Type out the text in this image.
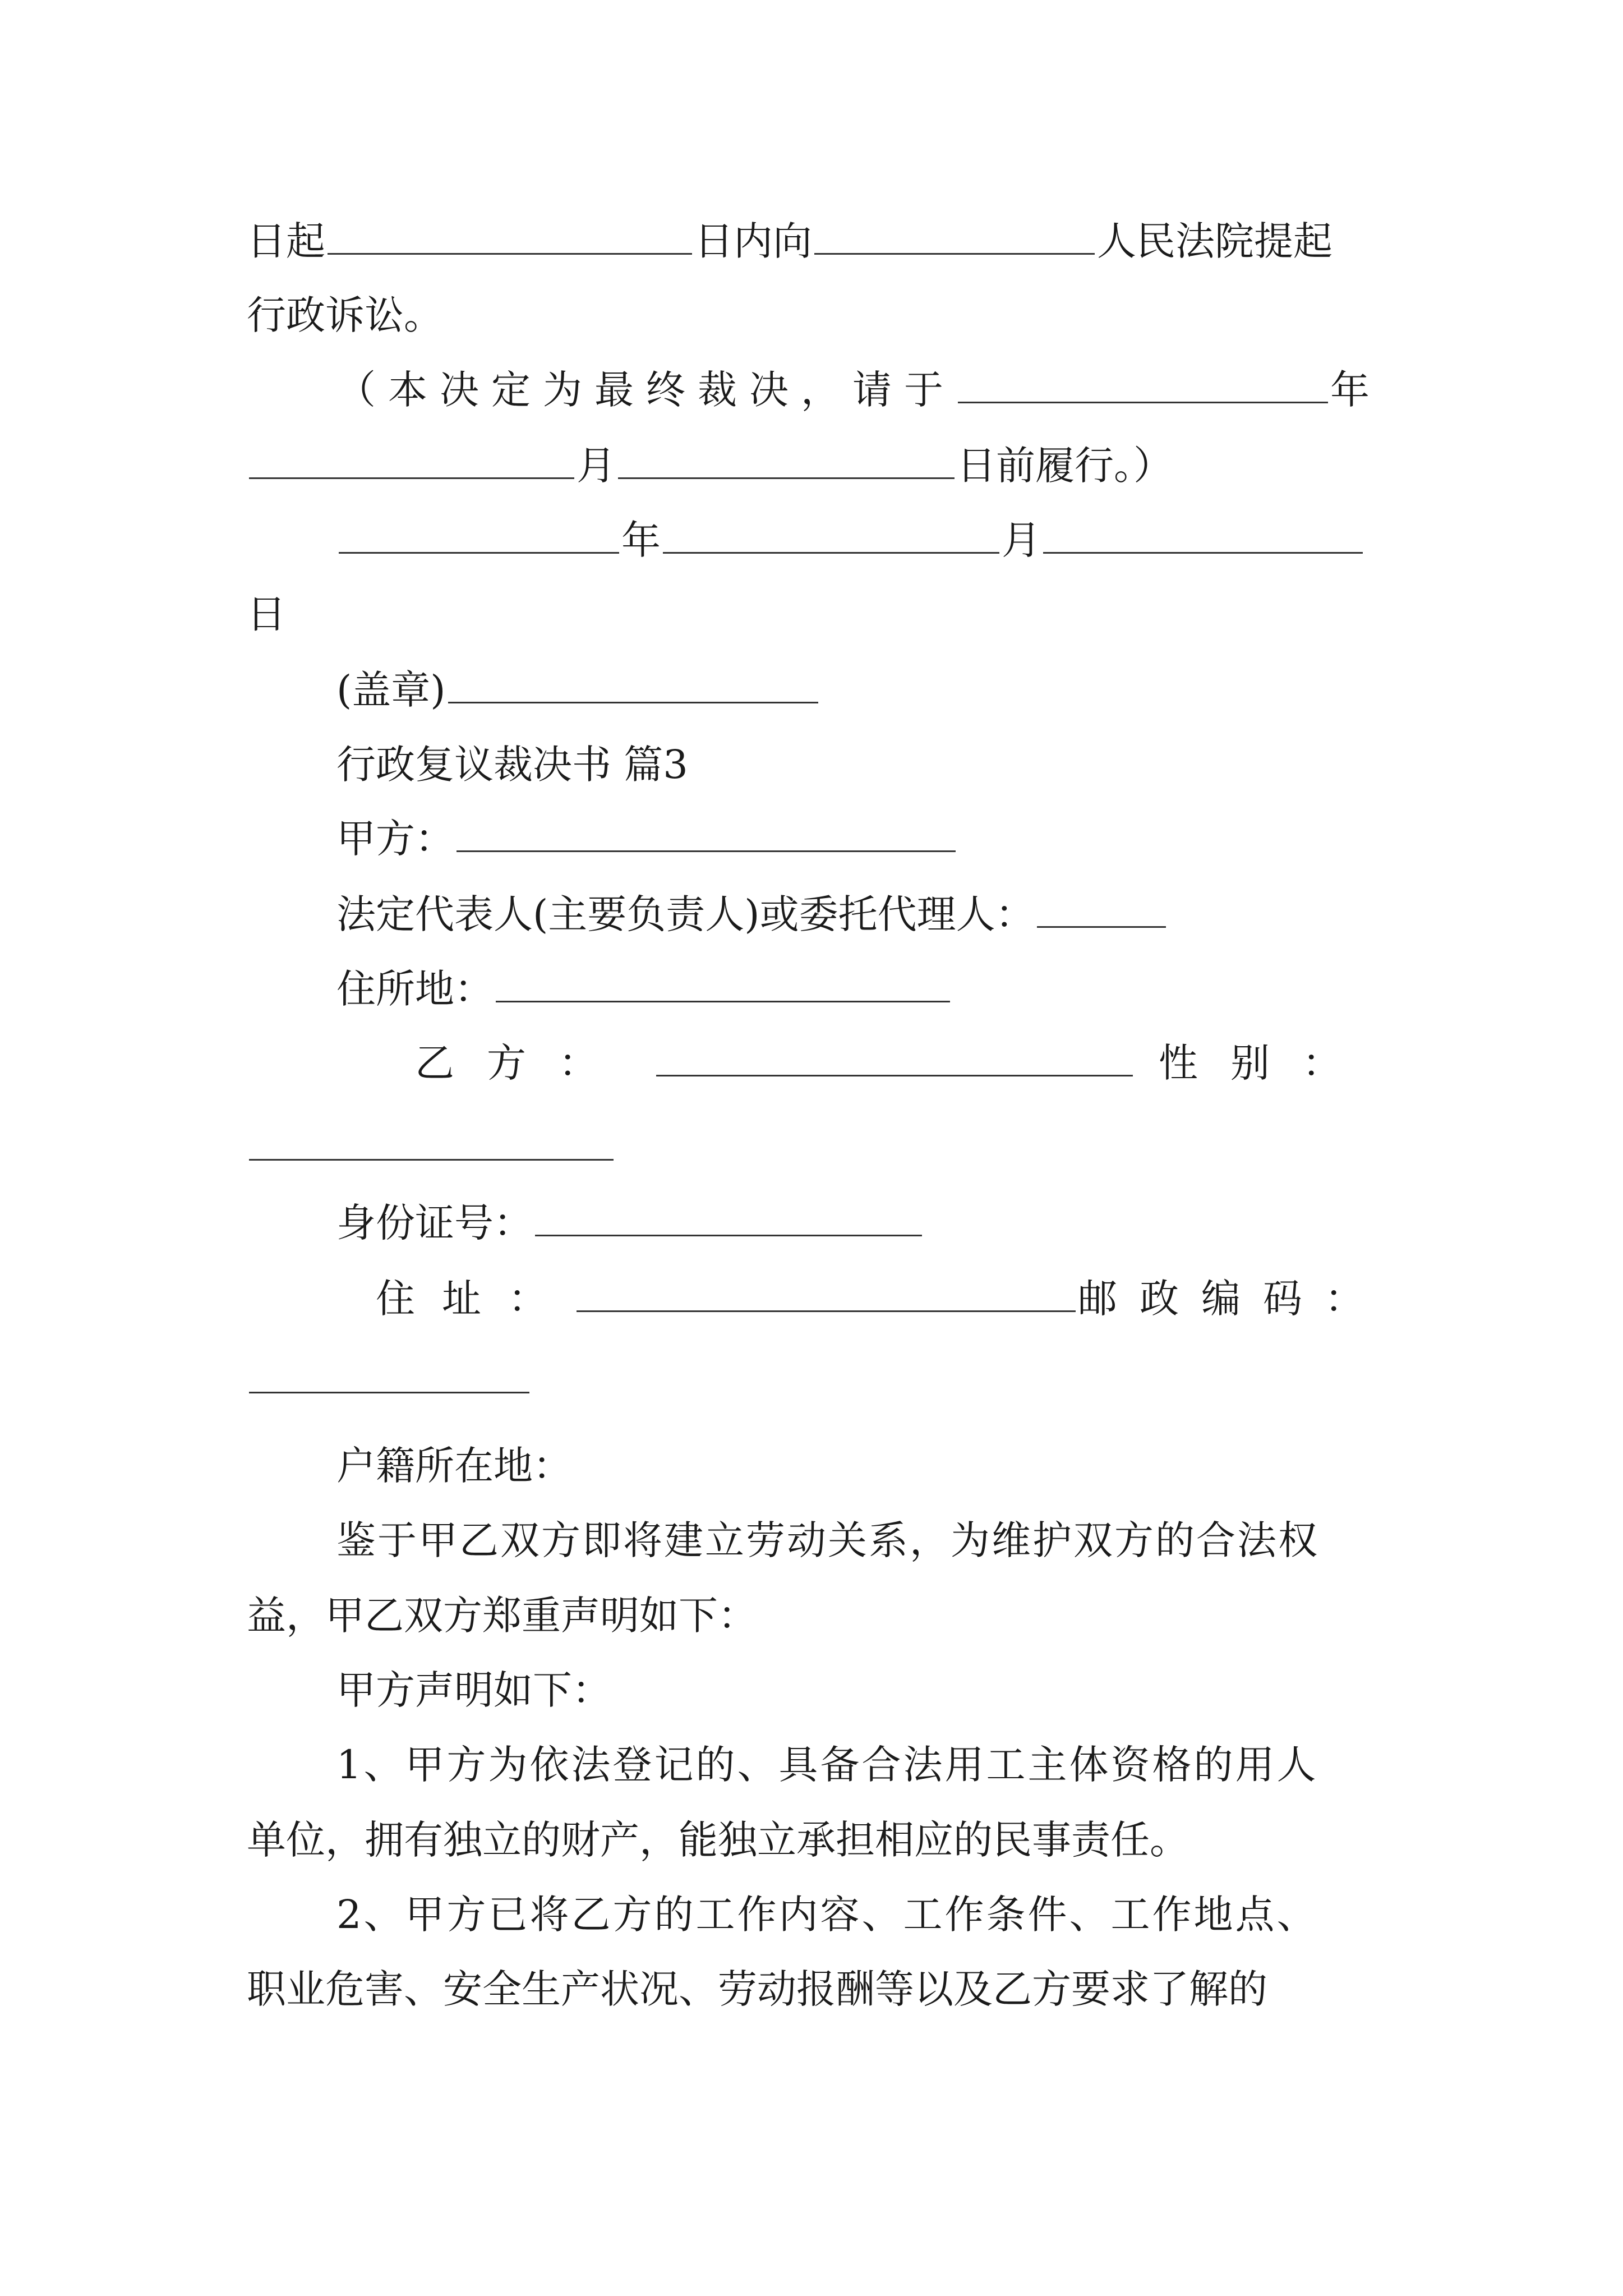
日起	日内向	人民法院提起
行政诉讼。
（本决定为最终裁决，请于	年
月	日前履行。）
年	月
日
(盖章)
行政复议裁决书 篇3
甲方：
法定代表人(主要负责人)或委托代理人：
住所地：
乙方：	性别：
身份证号：
住址：	邮政编码：
户籍所在地：
鉴于甲乙双方即将建立劳动关系，为维护双方的合法权
益，甲乙双方郑重声明如下：
甲方声明如下：
1、甲方为依法登记的、具备合法用工主体资格的用人
单位，拥有独立的财产，能独立承担相应的民事责任。
2、甲方已将乙方的工作内容、工作条件、工作地点、
职业危害、安全生产状况、劳动报酬等以及乙方要求了解的
